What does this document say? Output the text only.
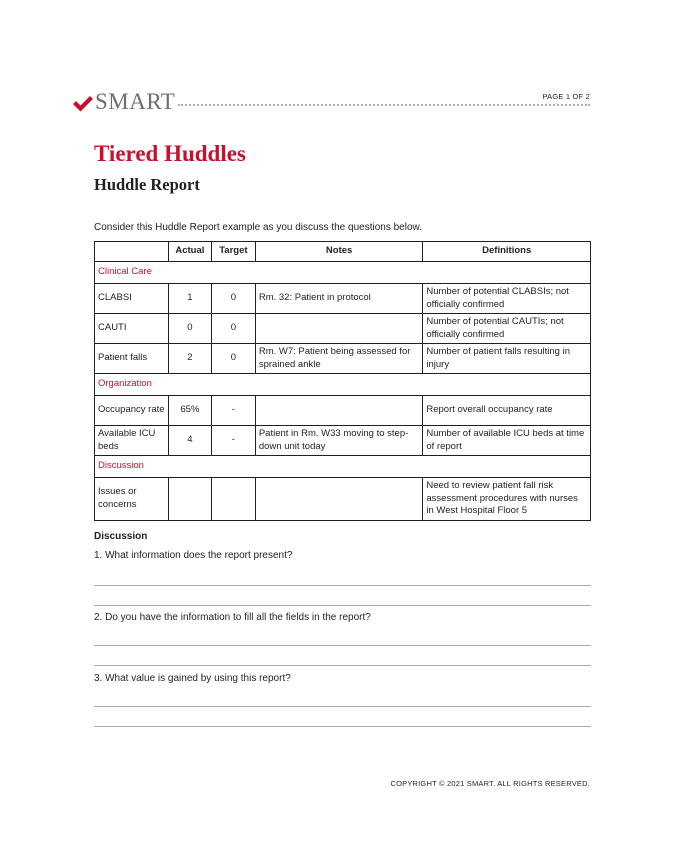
SMART	PAGE 1 OF 2
Tiered Huddles
Huddle Report
Consider this Huddle Report example as you discuss the questions below.
	Actual	Target	Notes	Definitions
Clinical Care				
CLABSI	1	0	Rm. 32: Patient in protocol	Number of potential CLABSIs; not officially confirmed
CAUTI	0	0		Number of potential CAUTIs; not officially confirmed
Patient falls	2	0	Rm. W7: Patient being assessed for sprained ankle	Number of patient falls resulting in injury
Organization				
Occupancy rate	65%	-		Report overall occupancy rate
Available ICU beds	4	-	Patient in Rm. W33 moving to step-down unit today	Number of available ICU beds at time of report
Discussion				
Issues or concerns				Need to review patient fall risk assessment procedures with nurses in West Hospital Floor 5
Discussion
1. What information does the report present?
2. Do you have the information to fill all the fields in the report?
3. What value is gained by using this report?
COPYRIGHT © 2021 SMART. ALL RIGHTS RESERVED.
